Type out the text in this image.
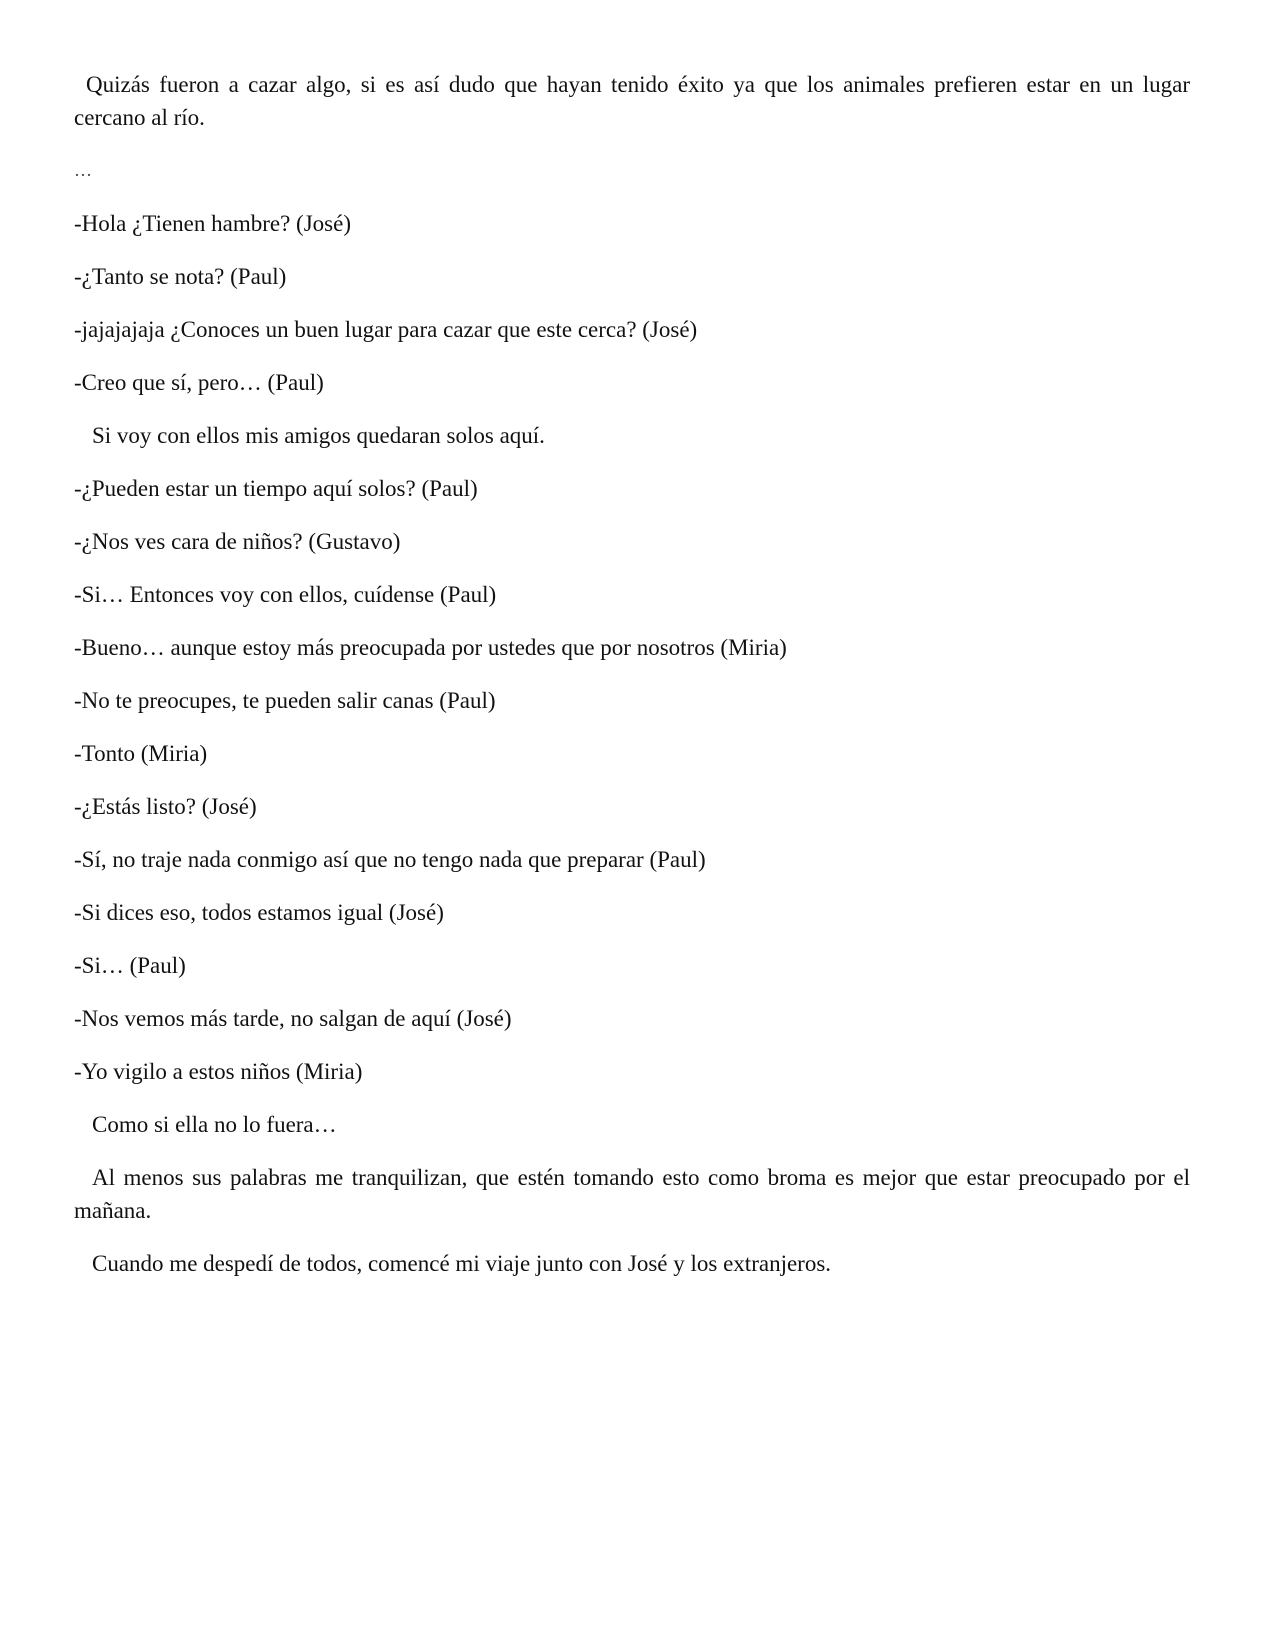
Quizás fueron a cazar algo, si es así dudo que hayan tenido éxito ya que los animales prefieren estar en un lugar cercano al río.

…

-Hola ¿Tienen hambre? (José)

-¿Tanto se nota? (Paul)

-jajajajaja ¿Conoces un buen lugar para cazar que este cerca? (José)

-Creo que sí, pero… (Paul)

Si voy con ellos mis amigos quedaran solos aquí.

-¿Pueden estar un tiempo aquí solos? (Paul)

-¿Nos ves cara de niños? (Gustavo)

-Si… Entonces voy con ellos, cuídense (Paul)

-Bueno… aunque estoy más preocupada por ustedes que por nosotros (Miria)

-No te preocupes, te pueden salir canas (Paul)

-Tonto (Miria)

-¿Estás listo? (José)

-Sí, no traje nada conmigo así que no tengo nada que preparar (Paul)

-Si dices eso, todos estamos igual (José)

-Si… (Paul)

-Nos vemos más tarde, no salgan de aquí (José)

-Yo vigilo a estos niños (Miria)

Como si ella no lo fuera…

Al menos sus palabras me tranquilizan, que estén tomando esto como broma es mejor que estar preocupado por el mañana.

Cuando me despedí de todos, comencé mi viaje junto con José y los extranjeros.
